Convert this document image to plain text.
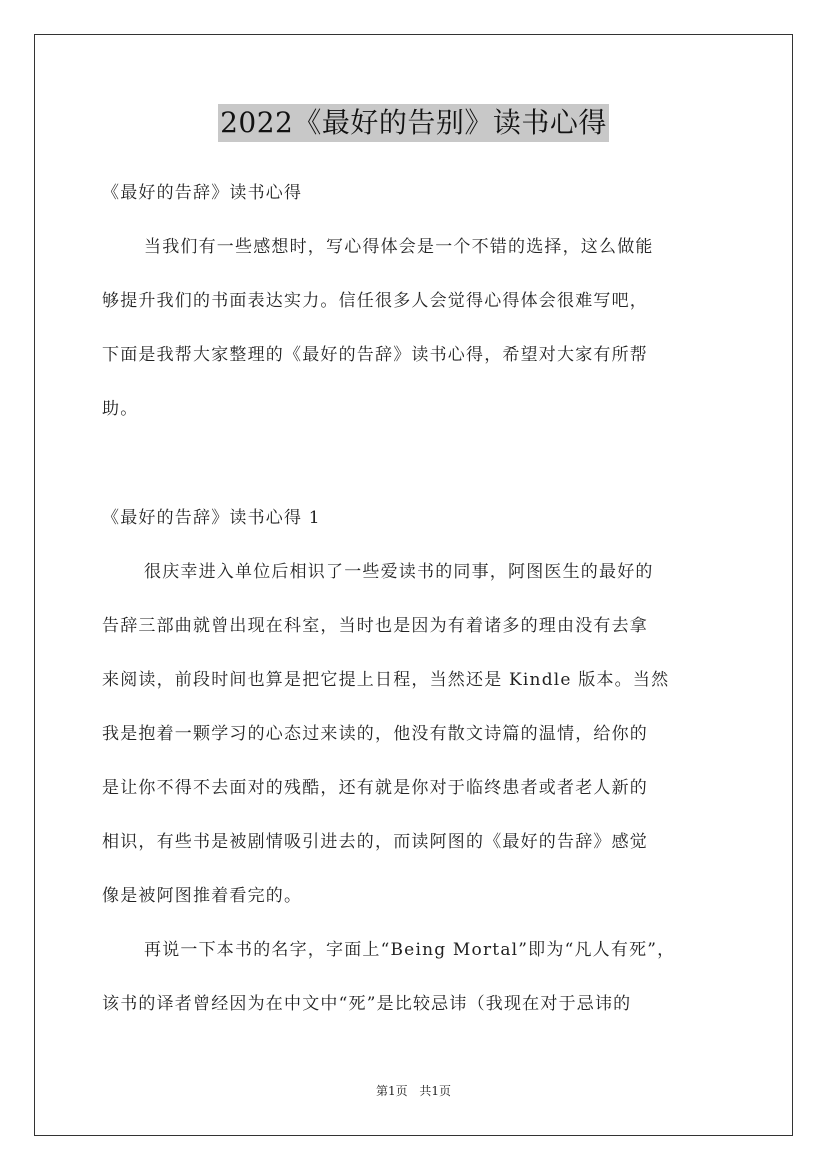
2022《最好的告别》读书心得
《最好的告辞》读书心得
当我们有一些感想时，写心得体会是一个不错的选择，这么做能
够提升我们的书面表达实力。信任很多人会觉得心得体会很难写吧，
下面是我帮大家整理的《最好的告辞》读书心得，希望对大家有所帮
助。
《最好的告辞》读书心得 1
很庆幸进入单位后相识了一些爱读书的同事，阿图医生的最好的
告辞三部曲就曾出现在科室，当时也是因为有着诸多的理由没有去拿
来阅读，前段时间也算是把它提上日程，当然还是 Kindle 版本。当然
我是抱着一颗学习的心态过来读的，他没有散文诗篇的温情，给你的
是让你不得不去面对的残酷，还有就是你对于临终患者或者老人新的
相识，有些书是被剧情吸引进去的，而读阿图的《最好的告辞》感觉
像是被阿图推着看完的。
再说一下本书的名字，字面上“Being Mortal”即为“凡人有死”，
该书的译者曾经因为在中文中“死”是比较忌讳（我现在对于忌讳的
第1页 共1页
